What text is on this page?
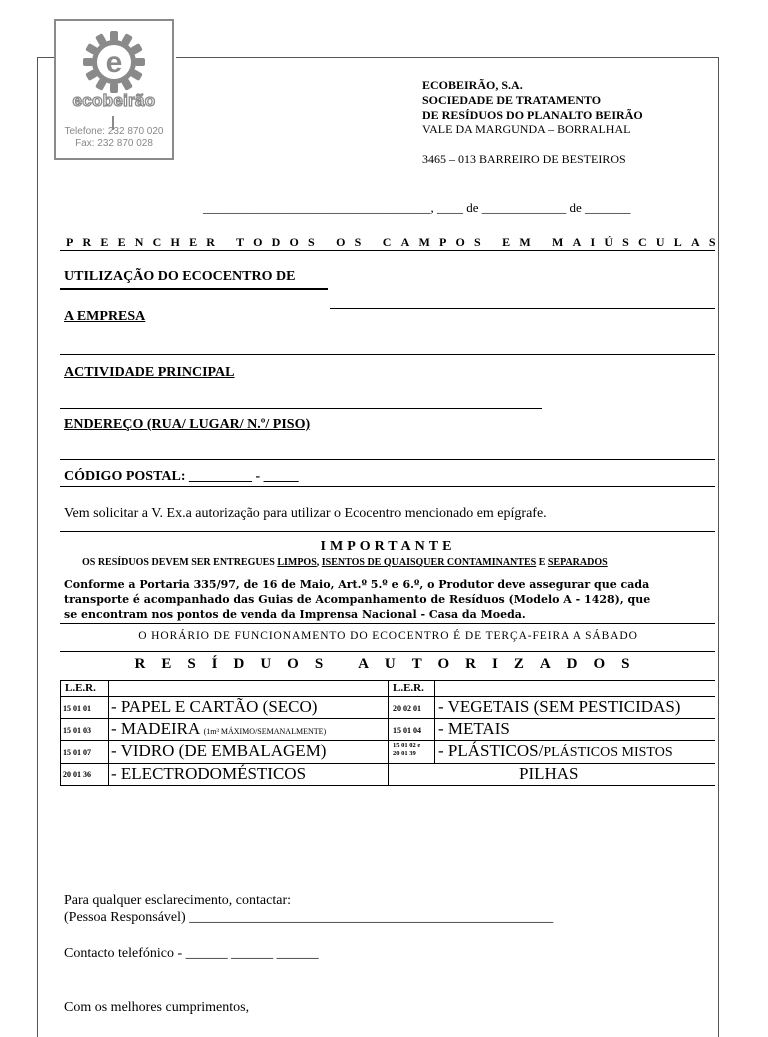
e
ecobeirão
Telefone: 232 870 020
Fax: 232 870 028
ECOBEIRÃO, S.A.
SOCIEDADE DE TRATAMENTO
DE RESÍDUOS DO PLANALTO BEIRÃO
VALE DA MARGUNDA – BORRALHAL
3465 – 013 BARREIRO DE BESTEIROS
___________________________________, ____ de _____________ de _______
PREENCHER TODOS OS CAMPOS EM MAIÚSCULAS
UTILIZAÇÃO DO ECOCENTRO DE
A EMPRESA
ACTIVIDADE PRINCIPAL
ENDEREÇO (RUA/ LUGAR/ N.º/ PISO)
CÓDIGO POSTAL: _________ - _____
Vem solicitar a V. Ex.a autorização para utilizar o Ecocentro mencionado em epígrafe.
IMPORTANTE
OS RESÍDUOS DEVEM SER ENTREGUES LIMPOS, ISENTOS DE QUAISQUER CONTAMINANTES E SEPARADOS
Conforme a Portaria 335/97, de 16 de Maio, Art.º 5.º e 6.º, o Produtor deve assegurar que cada
transporte é acompanhado das Guias de Acompanhamento de Resíduos (Modelo A - 1428), que
se encontram nos pontos de venda da Imprensa Nacional - Casa da Moeda.
O HORÁRIO DE FUNCIONAMENTO DO ECOCENTRO É DE TERÇA-FEIRA A SÁBADO
RESÍDUOS AUTORIZADOS
L.E.R.	L.E.R.
15 01 01 - PAPEL E CARTÃO (SECO)
15 01 03 - MADEIRA (1m³ MÁXIMO/SEMANALMENTE)
15 01 07 - VIDRO (DE EMBALAGEM)
20 01 36 - ELECTRODOMÉSTICOS
20 02 01 - VEGETAIS (SEM PESTICIDAS)
15 01 04 - METAIS
15 01 02 e
20 01 39 - PLÁSTICOS/PLÁSTICOS MISTOS
PILHAS
Para qualquer esclarecimento, contactar:
(Pessoa Responsável) ____________________________________________________
Contacto telefónico - ______ ______ ______
Com os melhores cumprimentos,
